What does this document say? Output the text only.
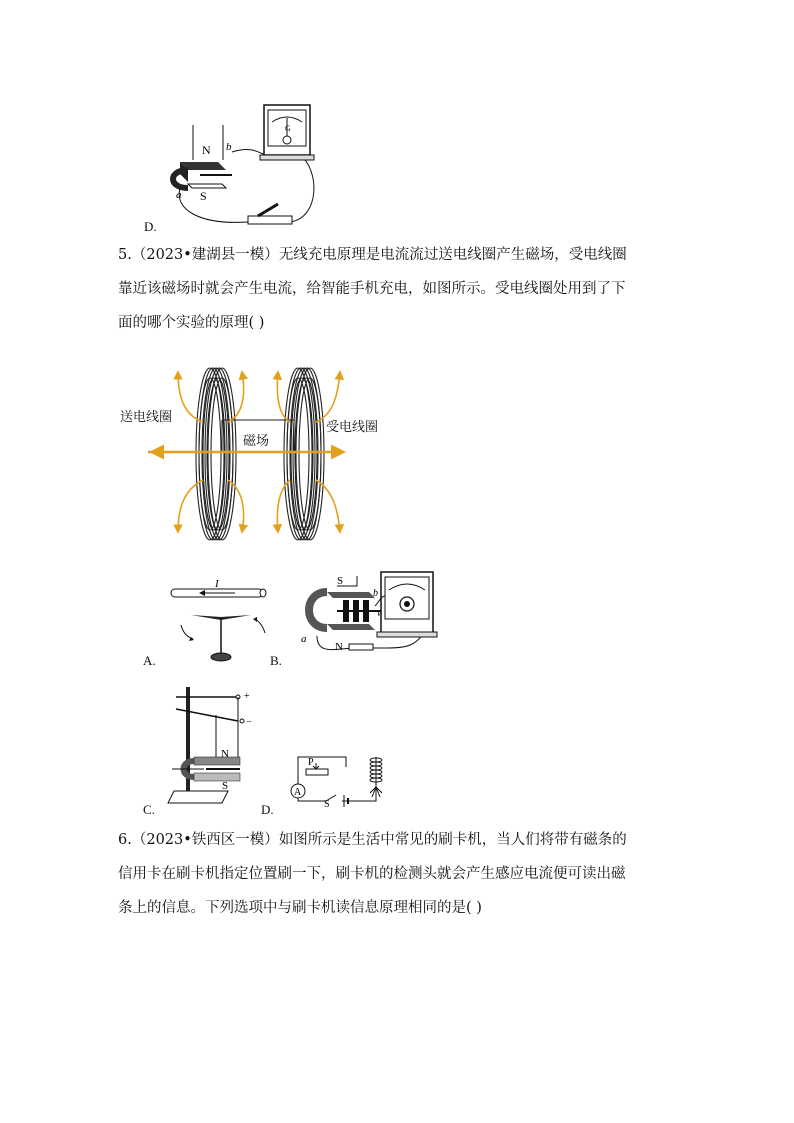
G
N b
a S
D.
5.（2023•建湖县一模）无线充电原理是电流流过送电线圈产生磁场，受电线圈
靠近该磁场时就会产生电流，给智能手机充电，如图所示。受电线圈处用到了下
面的哪个实验的原理( )
送电线圈
受电线圈
磁场
I
A.
S
b
v
a
N
B.
+
−
N
S
C.
A
P
S
D.
6.（2023•铁西区一模）如图所示是生活中常见的刷卡机，当人们将带有磁条的
信用卡在刷卡机指定位置刷一下，刷卡机的检测头就会产生感应电流便可读出磁
条上的信息。下列选项中与刷卡机读信息原理相同的是( )
